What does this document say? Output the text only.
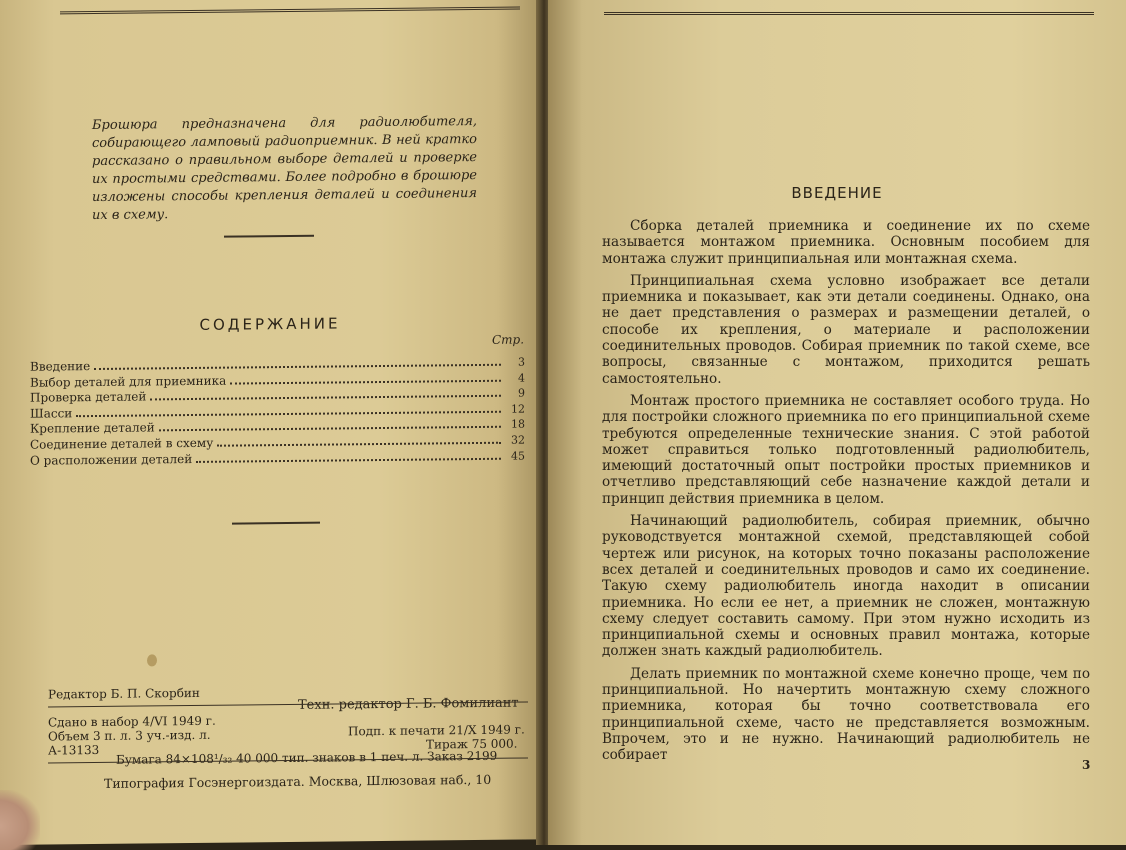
Брошюра предназначена для радиолюбителя, собирающего ламповый радиоприемник. В ней кратко рассказано о правильном выборе деталей и проверке их простыми средствами. Более подробно в брошюре изложены способы крепления деталей и соединения их в схему.
СОДЕРЖАНИЕ
Стр.
Введение	3
Выбор деталей для приемника	4
Проверка деталей	9
Шасси	12
Крепление деталей	18
Соединение деталей в схему	32
О расположении деталей	45
Редактор Б. П. Скорбин
Техн. редактор Г. Б. Фомилиант
Сдано в набор 4/VI 1949 г.
Подп. к печати 21/X 1949 г.
Объем 3 п. л. 3 уч.-изд. л.
Тираж 75 000.
А-13133 Бумага 84×108¹/₃₂ 40 000 тип. знаков в 1 печ. л. Заказ 2199
Типография Госэнергоиздата. Москва, Шлюзовая наб., 10
ВВЕДЕНИЕ

Сборка деталей приемника и соединение их по схеме называется монтажом приемника. Основным пособием для монтажа служит принципиальная или монтажная схема.

Принципиальная схема условно изображает все детали приемника и показывает, как эти детали соединены. Однако, она не дает представления о размерах и размещении деталей, о способе их крепления, о материале и расположении соединительных проводов. Собирая приемник по такой схеме, все вопросы, связанные с монтажом, приходится решать самостоятельно.

Монтаж простого приемника не составляет особого труда. Но для постройки сложного приемника по его принципиальной схеме требуются определенные технические знания. С этой работой может справиться только подготовленный радиолюбитель, имеющий достаточный опыт постройки простых приемников и отчетливо представляющий себе назначение каждой детали и принцип действия приемника в целом.

Начинающий радиолюбитель, собирая приемник, обычно руководствуется монтажной схемой, представляющей собой чертеж или рисунок, на которых точно показаны расположение всех деталей и соединительных проводов и само их соединение. Такую схему радиолюбитель иногда находит в описании приемника. Но если ее нет, а приемник не сложен, монтажную схему следует составить самому. При этом нужно исходить из принципиальной схемы и основных правил монтажа, которые должен знать каждый радиолюбитель.

Делать приемник по монтажной схеме конечно проще, чем по принципиальной. Но начертить монтажную схему сложного приемника, которая бы точно соответствовала его принципиальной схеме, часто не представляется возможным. Впрочем, это и не нужно. Начинающий радиолюбитель не собирает

3
